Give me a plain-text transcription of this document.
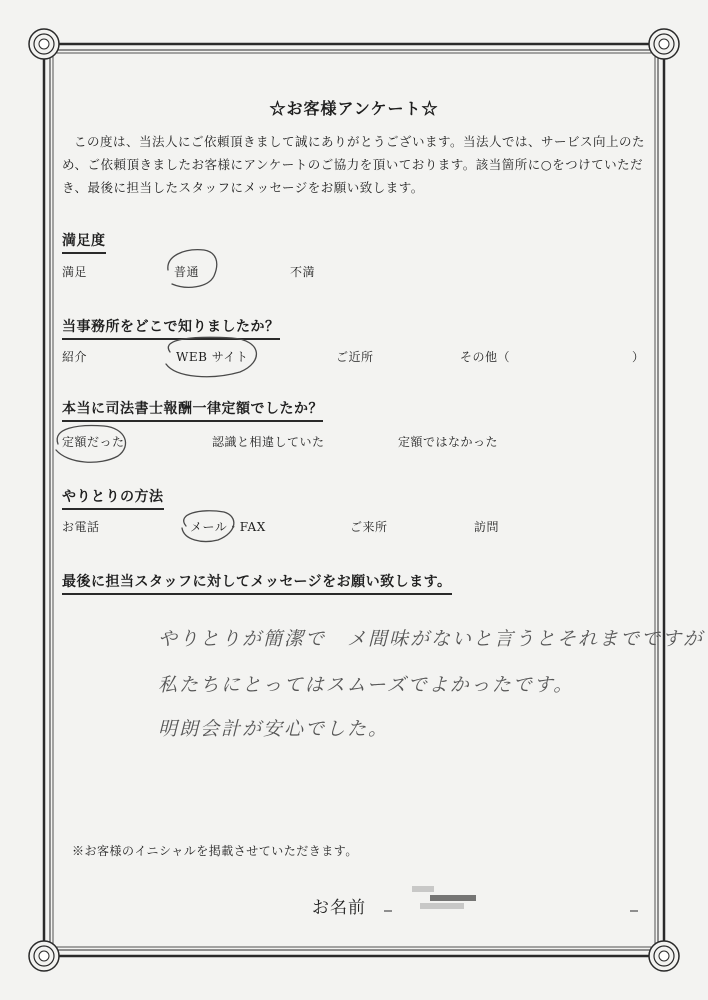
☆お客様アンケート☆
この度は、当法人にご依頼頂きまして誠にありがとうございます。当法人では、サービス向上のため、ご依頼頂きましたお客様にアンケートのご協力を頂いております。該当箇所に○をつけていただき、最後に担当したスタッフにメッセージをお願い致します。
満足度
満足	普通	不満
当事務所をどこで知りましたか？
紹介	WEB サイト	ご近所	その他（	）
本当に司法書士報酬一律定額でしたか？
定額だった	認識と相違していた	定額ではなかった
やりとりの方法
お電話	メール・FAX	ご来所	訪問
最後に担当スタッフに対してメッセージをお願い致します。
やりとりが簡潔で　メ間味がないと言うとそれまでですが
私たちにとってはスムーズでよかったです。
明朗会計が安心でした。
※お客様のイニシャルを掲載させていただきます。
お名前
